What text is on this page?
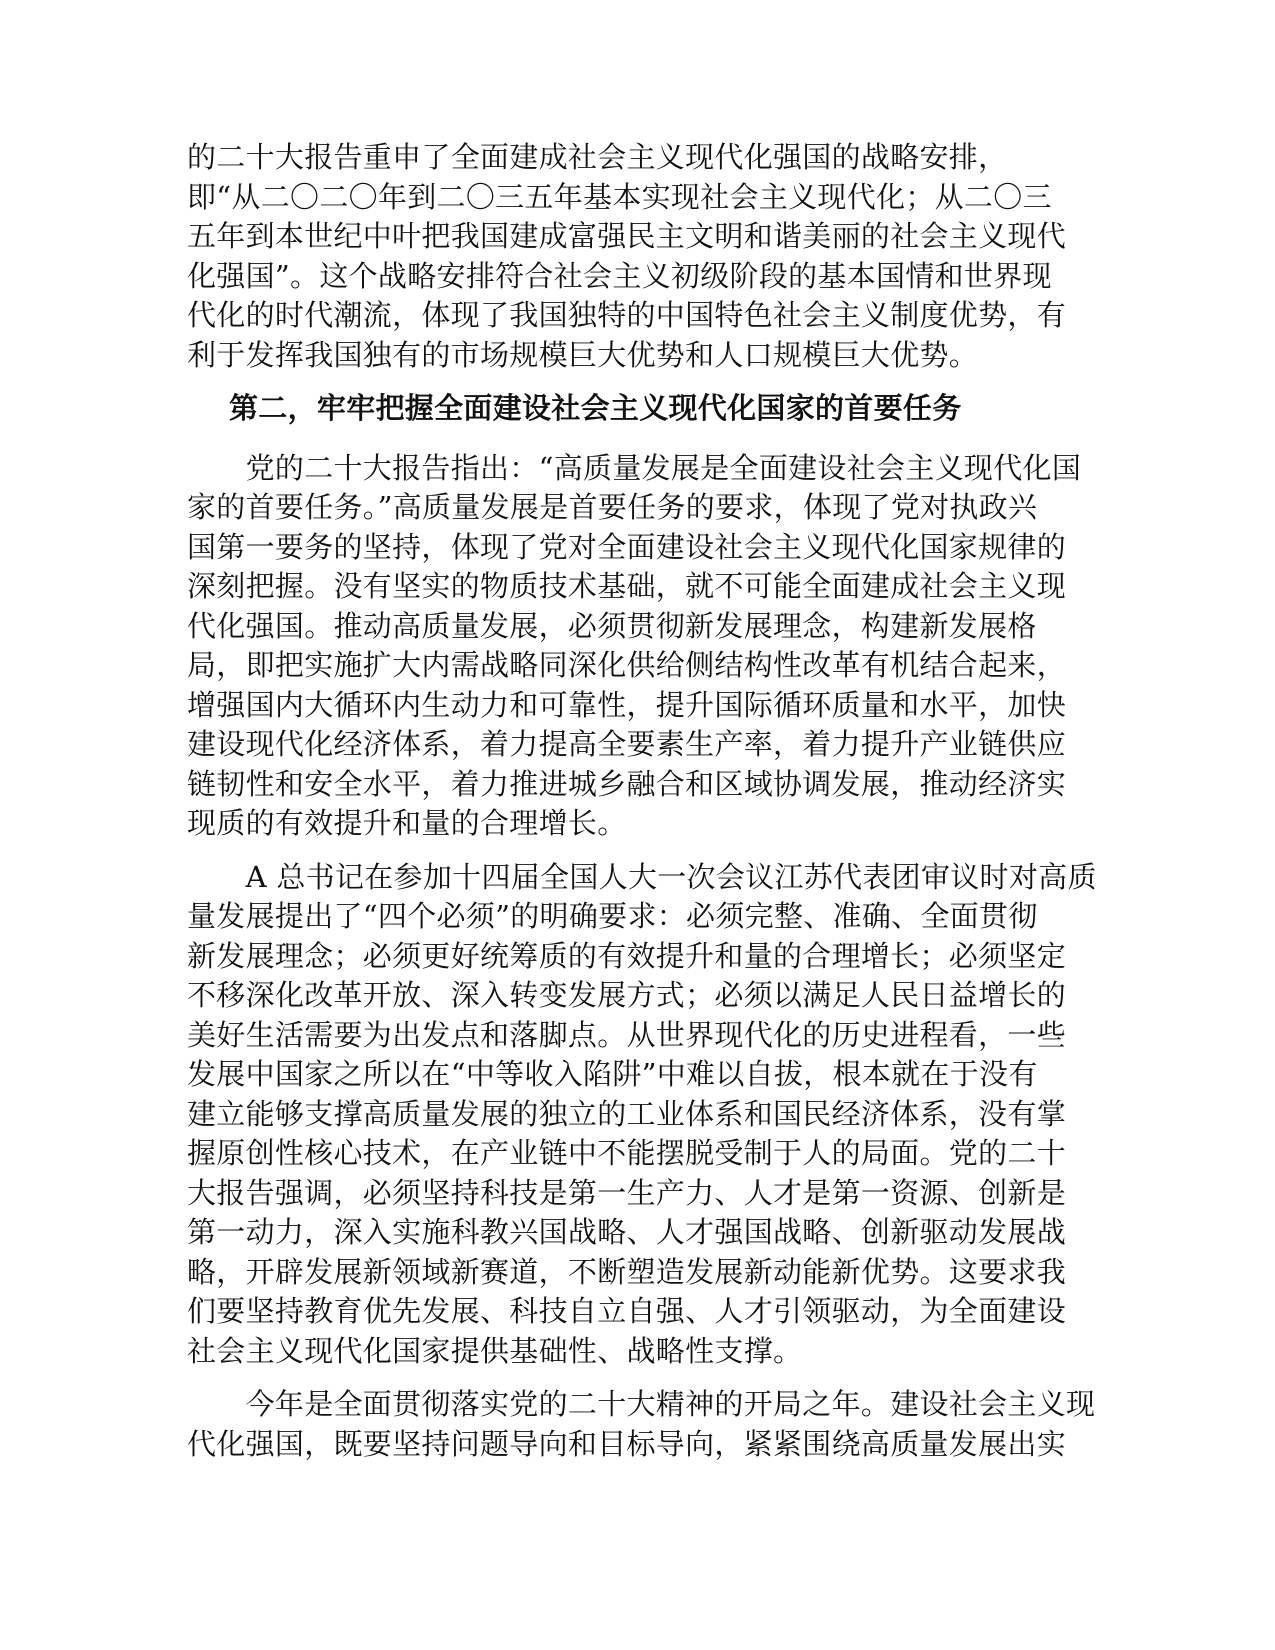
的二十大报告重申了全面建成社会主义现代化强国的战略安排，
即“从二〇二〇年到二〇三五年基本实现社会主义现代化；从二〇三
五年到本世纪中叶把我国建成富强民主文明和谐美丽的社会主义现代
化强国”。这个战略安排符合社会主义初级阶段的基本国情和世界现
代化的时代潮流，体现了我国独特的中国特色社会主义制度优势，有
利于发挥我国独有的市场规模巨大优势和人口规模巨大优势。
第二，牢牢把握全面建设社会主义现代化国家的首要任务
　　党的二十大报告指出：“高质量发展是全面建设社会主义现代化国
家的首要任务。”高质量发展是首要任务的要求，体现了党对执政兴
国第一要务的坚持，体现了党对全面建设社会主义现代化国家规律的
深刻把握。没有坚实的物质技术基础，就不可能全面建成社会主义现
代化强国。推动高质量发展，必须贯彻新发展理念，构建新发展格
局，即把实施扩大内需战略同深化供给侧结构性改革有机结合起来，
增强国内大循环内生动力和可靠性，提升国际循环质量和水平，加快
建设现代化经济体系，着力提高全要素生产率，着力提升产业链供应
链韧性和安全水平，着力推进城乡融合和区域协调发展，推动经济实
现质的有效提升和量的合理增长。
　　A 总书记在参加十四届全国人大一次会议江苏代表团审议时对高质
量发展提出了“四个必须”的明确要求：必须完整、准确、全面贯彻
新发展理念；必须更好统筹质的有效提升和量的合理增长；必须坚定
不移深化改革开放、深入转变发展方式；必须以满足人民日益增长的
美好生活需要为出发点和落脚点。从世界现代化的历史进程看，一些
发展中国家之所以在“中等收入陷阱”中难以自拔，根本就在于没有
建立能够支撑高质量发展的独立的工业体系和国民经济体系，没有掌
握原创性核心技术，在产业链中不能摆脱受制于人的局面。党的二十
大报告强调，必须坚持科技是第一生产力、人才是第一资源、创新是
第一动力，深入实施科教兴国战略、人才强国战略、创新驱动发展战
略，开辟发展新领域新赛道，不断塑造发展新动能新优势。这要求我
们要坚持教育优先发展、科技自立自强、人才引领驱动，为全面建设
社会主义现代化国家提供基础性、战略性支撑。
　　今年是全面贯彻落实党的二十大精神的开局之年。建设社会主义现
代化强国，既要坚持问题导向和目标导向，紧紧围绕高质量发展出实
